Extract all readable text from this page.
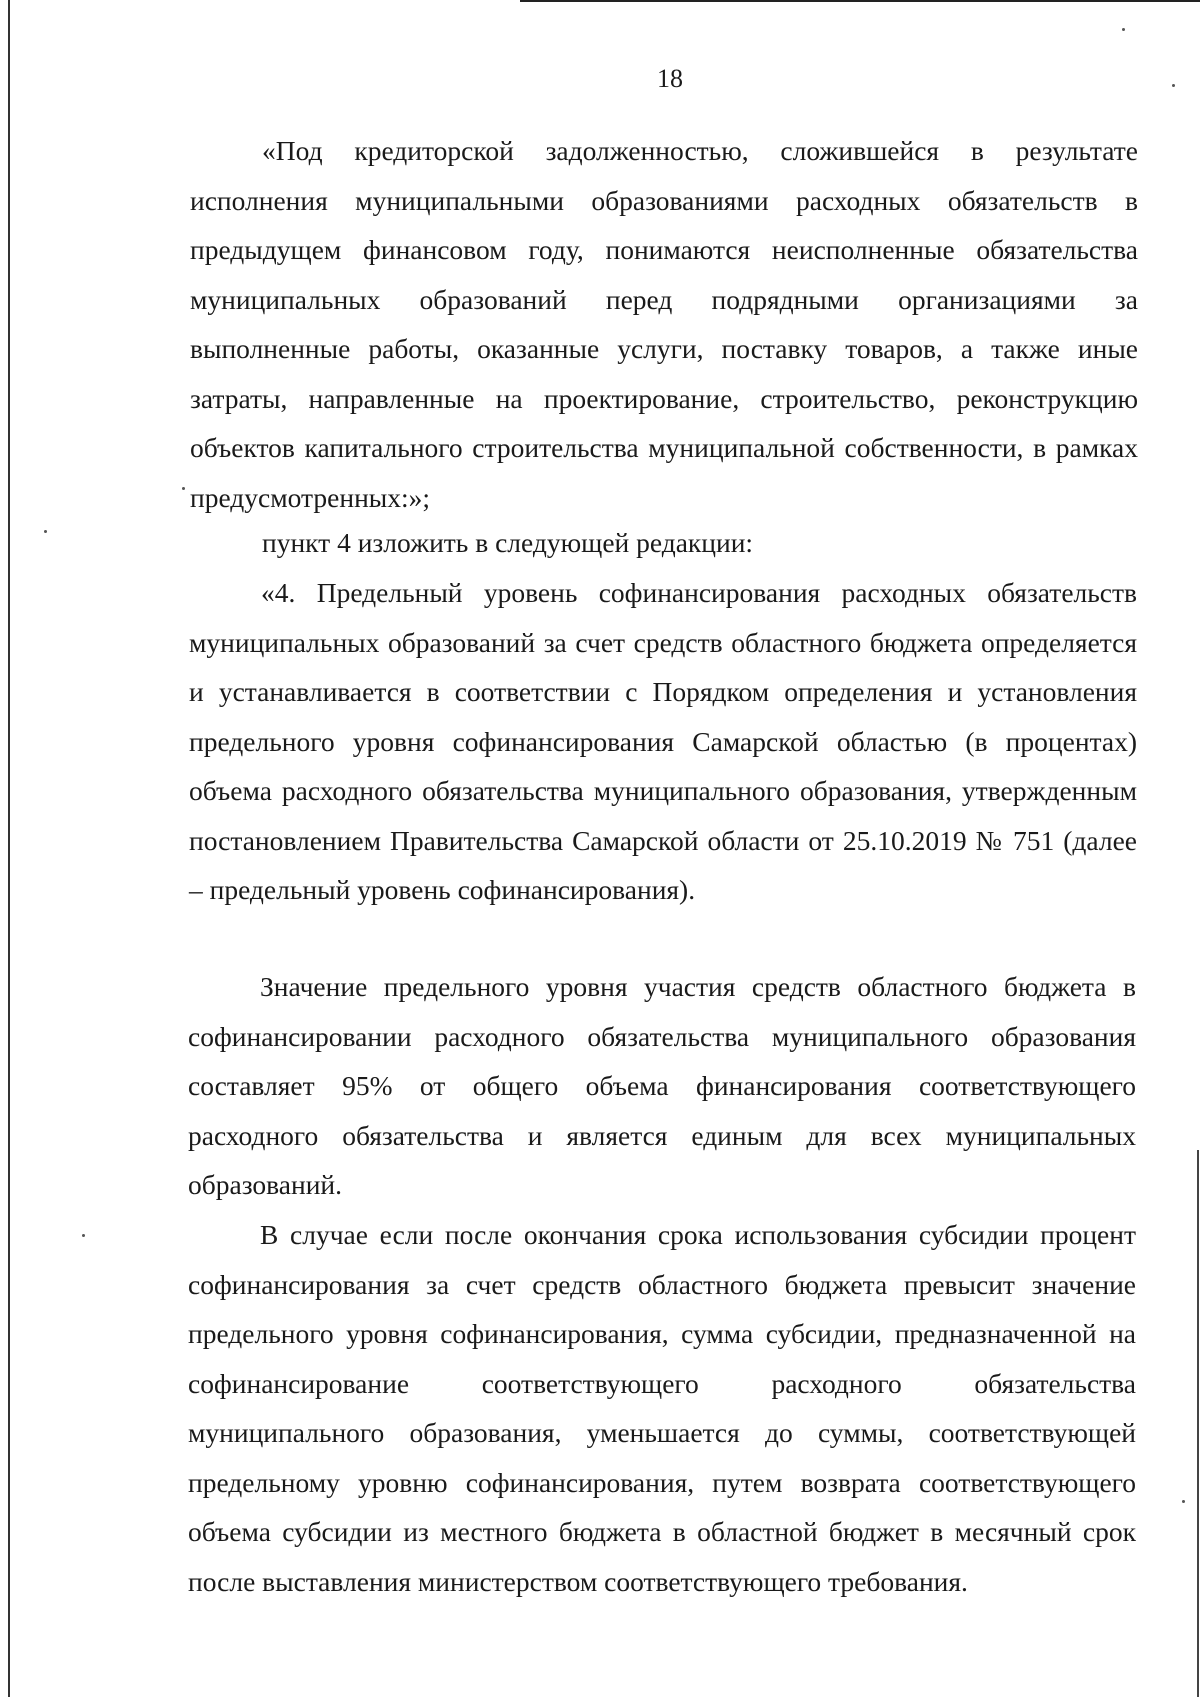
18

«Под кредиторской задолженностью, сложившейся в результате исполнения муниципальными образованиями расходных обязательств в предыдущем финансовом году, понимаются неисполненные обязательства муниципальных образований перед подрядными организациями за выполненные работы, оказанные услуги, поставку товаров, а также иные затраты, направленные на проектирование, строительство, реконструкцию объектов капитального строительства муниципальной собственности, в рамках предусмотренных:»;

пункт 4 изложить в следующей редакции:

«4. Предельный уровень софинансирования расходных обязательств муниципальных образований за счет средств областного бюджета определяется и устанавливается в соответствии с Порядком определения и установления предельного уровня софинансирования Самарской областью (в процентах) объема расходного обязательства муниципального образования, утвержденным постановлением Правительства Самарской области от 25.10.2019 № 751 (далее – предельный уровень софинансирования).

Значение предельного уровня участия средств областного бюджета в софинансировании расходного обязательства муниципального образования составляет 95% от общего объема финансирования соответствующего расходного обязательства и является единым для всех муниципальных образований.

В случае если после окончания срока использования субсидии процент софинансирования за счет средств областного бюджета превысит значение предельного уровня софинансирования, сумма субсидии, предназначенной на софинансирование соответствующего расходного обязательства муниципального образования, уменьшается до суммы, соответствующей предельному уровню софинансирования, путем возврата соответствующего объема субсидии из местного бюджета в областной бюджет в месячный срок после выставления министерством соответствующего требования.
